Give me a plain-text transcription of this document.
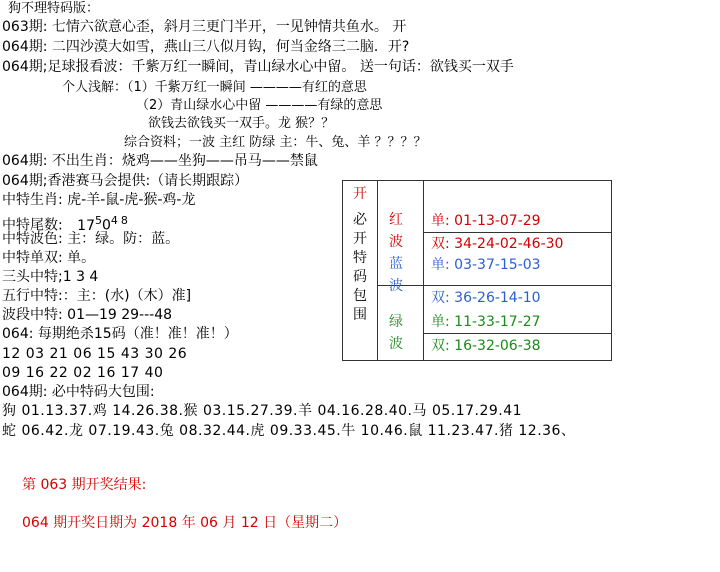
狗不理特码版：
063期: 七情六欲意心歪，斜月三更门半开，一见钟情共鱼水。 开
064期: 二四沙漠大如雪，燕山三八似月钩，何当金络三二脑．开?
064期;足球报看波：千紫万红一瞬间，青山绿水心中留。 送一句话：欲钱买一双手
个人浅解：（1）千紫万红一瞬间 ————有红的意思
（2）青山绿水心中留 ————有绿的意思
欲钱去欲钱买一双手。龙 猴？？
综合资料；一波 主红 防绿 主：牛、兔、羊 ？？？？
064期: 不出生肖：烧鸡——坐狗——吊马——禁鼠
064期;香港赛马会提供:（请长期跟踪）
中特生肖: 虎-羊-鼠-虎-猴-鸡-龙
中特尾数: $17^50^4$ $^8$
中特波色: 主：绿。防：蓝。
中特单双: 单。
三头中特;1 3 4
五行中特:：主：(水)（木）准]
波段中特: 01—19 29---48
064: 每期绝杀15码（准！准！准！）
12 03 21 06 15 43 30 26
09 16 22 02 16 17 40
064期: 必中特码大包围:
狗 01.13.37.鸡 14.26.38.猴 03.15.27.39.羊 04.16.28.40.马 05.17.29.41
蛇 06.42.龙 07.19.43.兔 08.32.44.虎 09.33.45.牛 10.46.鼠 11.23.47.猪 12.36、
开
必
开
特
码
包
围
红
波
蓝
波
绿
波
单: 01-13-07-29
双: 34-24-02-46-30
单: 03-37-15-03
双: 36-26-14-10
单: 11-33-17-27
双: 16-32-06-38
第 063 期开奖结果:
064 期开奖日期为 2018 年 06 月 12 日（星期二）
